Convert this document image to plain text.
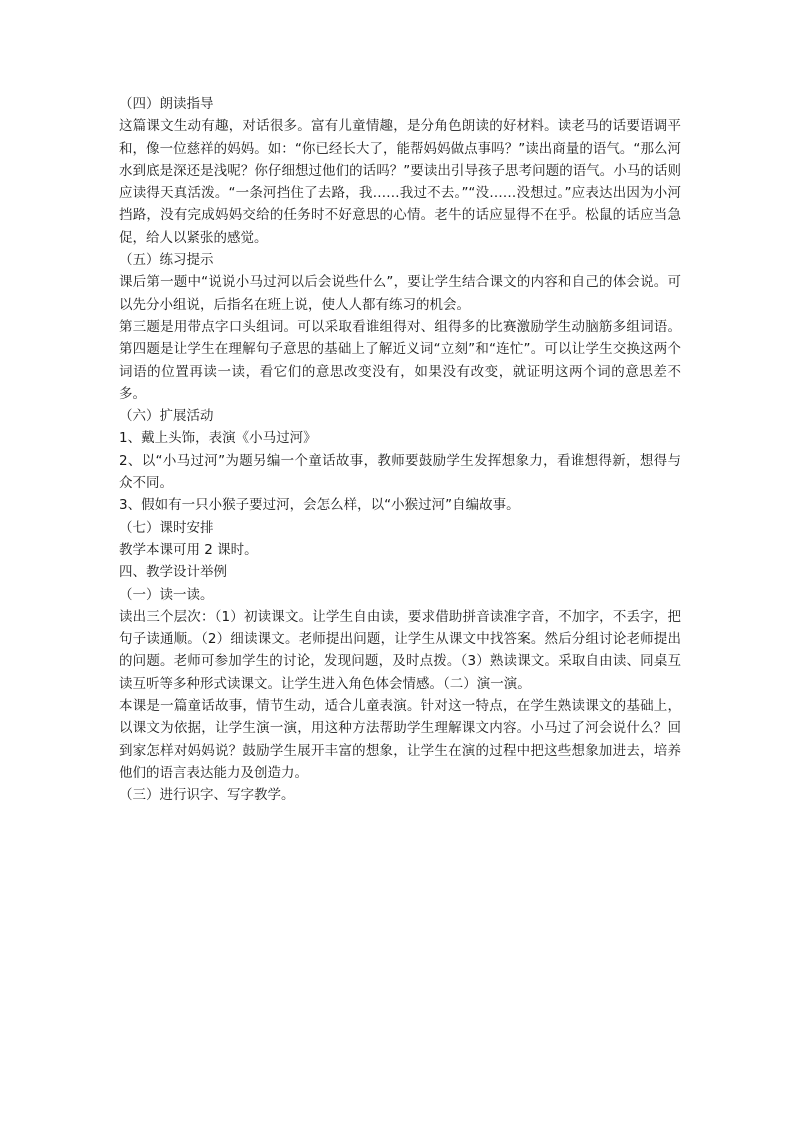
（四）朗读指导

这篇课文生动有趣，对话很多。富有儿童情趣，是分角色朗读的好材料。读老马的话要语调平和，像一位慈祥的妈妈。如：“你已经长大了，能帮妈妈做点事吗？”读出商量的语气。“那么河水到底是深还是浅呢？你仔细想过他们的话吗？”要读出引导孩子思考问题的语气。小马的话则应读得天真活泼。“一条河挡住了去路，我……我过不去。”“没……没想过。”应表达出因为小河挡路，没有完成妈妈交给的任务时不好意思的心情。老牛的话应显得不在乎。松鼠的话应当急促，给人以紧张的感觉。

（五）练习提示

课后第一题中“说说小马过河以后会说些什么”，要让学生结合课文的内容和自己的体会说。可以先分小组说，后指名在班上说，使人人都有练习的机会。

第三题是用带点字口头组词。可以采取看谁组得对、组得多的比赛激励学生动脑筋多组词语。第四题是让学生在理解句子意思的基础上了解近义词“立刻”和“连忙”。可以让学生交换这两个词语的位置再读一读，看它们的意思改变没有，如果没有改变，就证明这两个词的意思差不多。

（六）扩展活动

1、戴上头饰，表演《小马过河》

2、以“小马过河”为题另编一个童话故事，教师要鼓励学生发挥想象力，看谁想得新，想得与众不同。

3、假如有一只小猴子要过河，会怎么样，以“小猴过河”自编故事。

（七）课时安排

教学本课可用 2 课时。

四、教学设计举例

（一）读一读。

读出三个层次：（1）初读课文。让学生自由读，要求借助拼音读准字音，不加字，不丢字，把句子读通顺。（2）细读课文。老师提出问题，让学生从课文中找答案。然后分组讨论老师提出的问题。老师可参加学生的讨论，发现问题，及时点拨。（3）熟读课文。采取自由读、同桌互读互听等多种形式读课文。让学生进入角色体会情感。（二）演一演。

本课是一篇童话故事，情节生动，适合儿童表演。针对这一特点，在学生熟读课文的基础上，以课文为依据，让学生演一演，用这种方法帮助学生理解课文内容。小马过了河会说什么？回到家怎样对妈妈说？鼓励学生展开丰富的想象，让学生在演的过程中把这些想象加进去，培养他们的语言表达能力及创造力。

（三）进行识字、写字教学。
